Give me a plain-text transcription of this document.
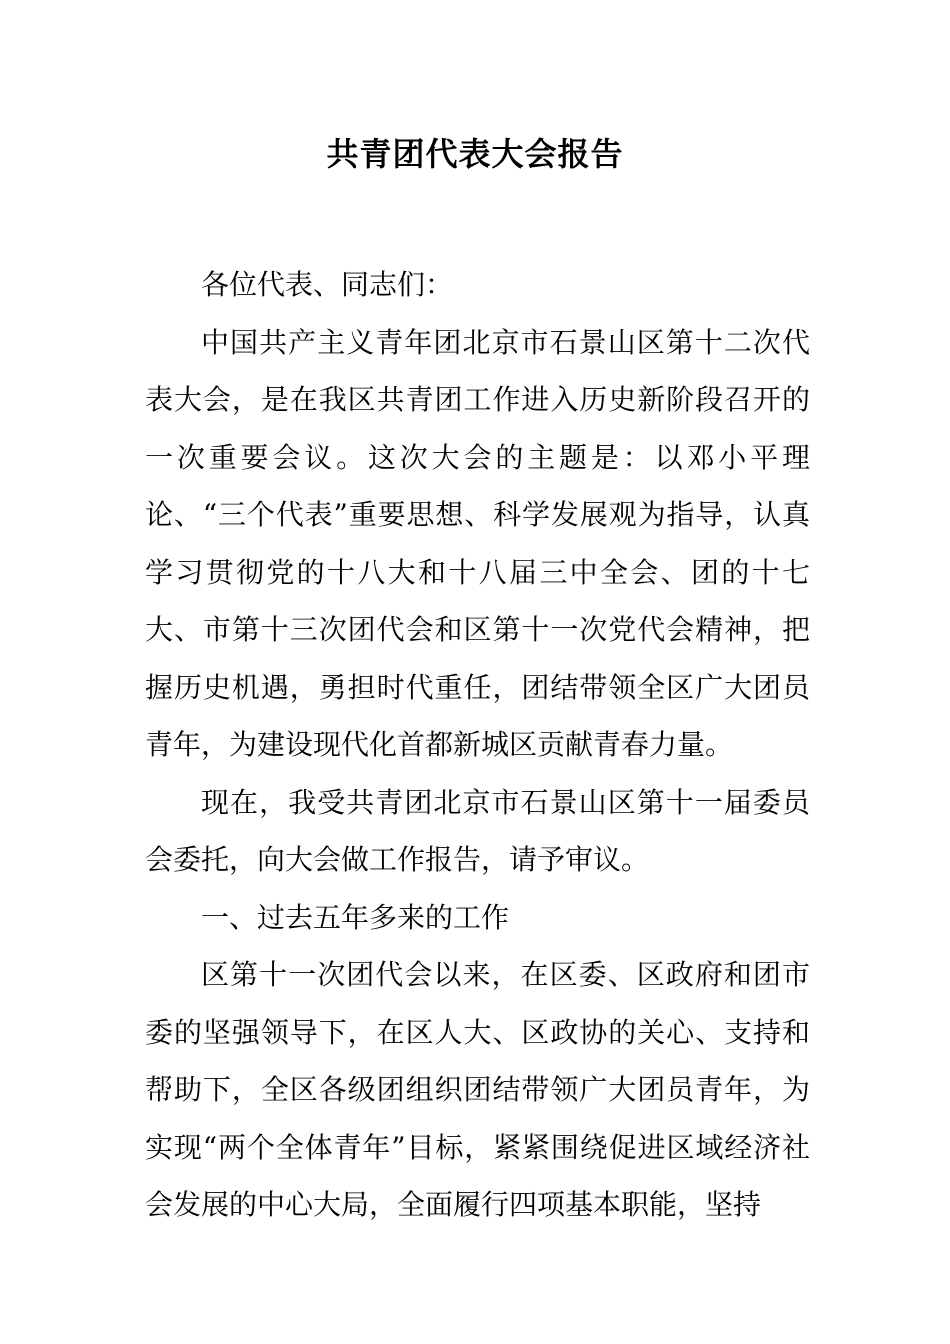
共青团代表大会报告

各位代表、同志们：

中国共产主义青年团北京市石景山区第十二次代表大会，是在我区共青团工作进入历史新阶段召开的一次重要会议。这次大会的主题是：以邓小平理论、“三个代表”重要思想、科学发展观为指导，认真学习贯彻党的十八大和十八届三中全会、团的十七大、市第十三次团代会和区第十一次党代会精神，把握历史机遇，勇担时代重任，团结带领全区广大团员青年，为建设现代化首都新城区贡献青春力量。

现在，我受共青团北京市石景山区第十一届委员会委托，向大会做工作报告，请予审议。

一、过去五年多来的工作

区第十一次团代会以来，在区委、区政府和团市委的坚强领导下，在区人大、区政协的关心、支持和帮助下，全区各级团组织团结带领广大团员青年，为实现“两个全体青年”目标，紧紧围绕促进区域经济社会发展的中心大局，全面履行四项基本职能，坚持
